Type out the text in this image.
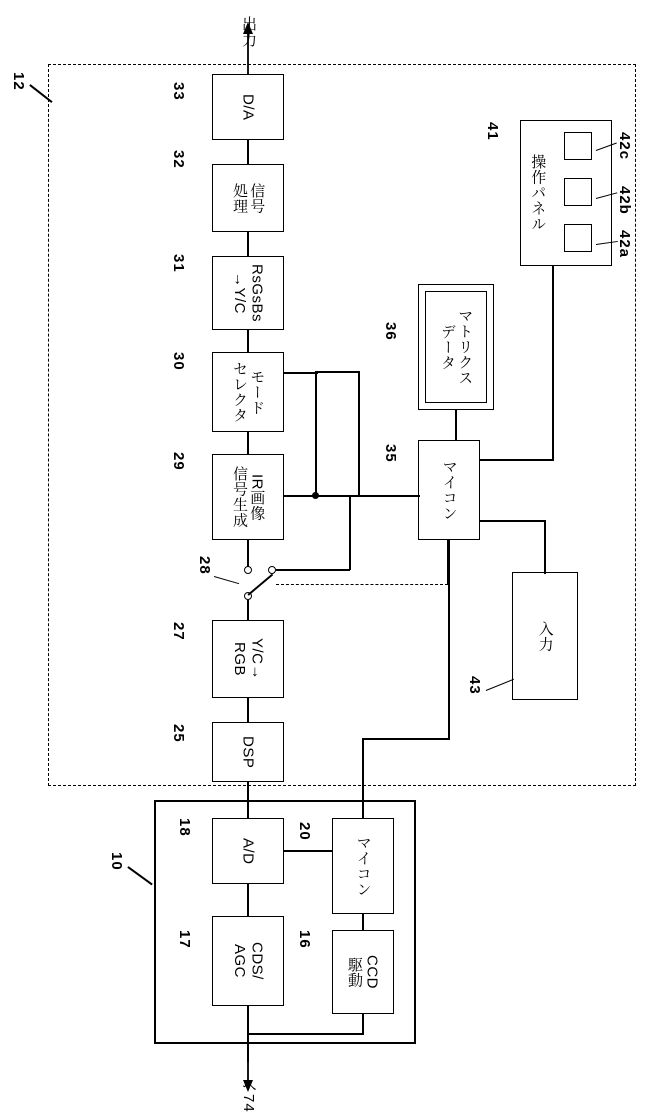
12
10
出力
へ74
D/A
33
信号
処理
32
RsGsBs
→Y/C
31
モード
セレクタ
30
IR画像
信号生成
29
Y/C→
RGB
27
DSP
25
A/D
18
CDS/
AGC
17
マイコン
20
CCD
駆動
16
28
マイコン
35
マトリクス
データ
36
操作パネル
41
42c
42b
42a
入力
43
